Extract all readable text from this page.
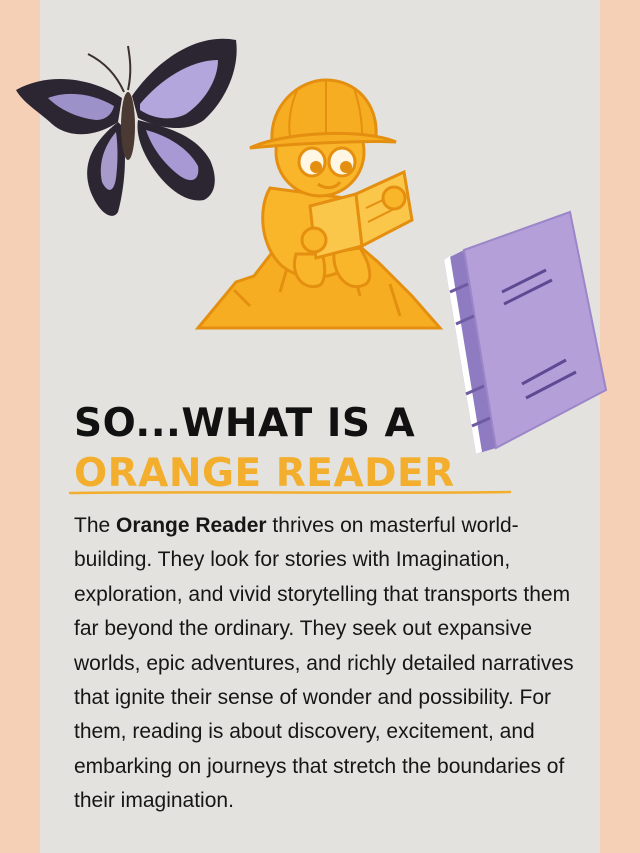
SO...WHAT IS A
ORANGE READER

The Orange Reader thrives on masterful world-building. They look for stories with Imagination, exploration, and vivid storytelling that transports them far beyond the ordinary. They seek out expansive worlds, epic adventures, and richly detailed narratives that ignite their sense of wonder and possibility. For them, reading is about discovery, excitement, and embarking on journeys that stretch the boundaries of their imagination.
